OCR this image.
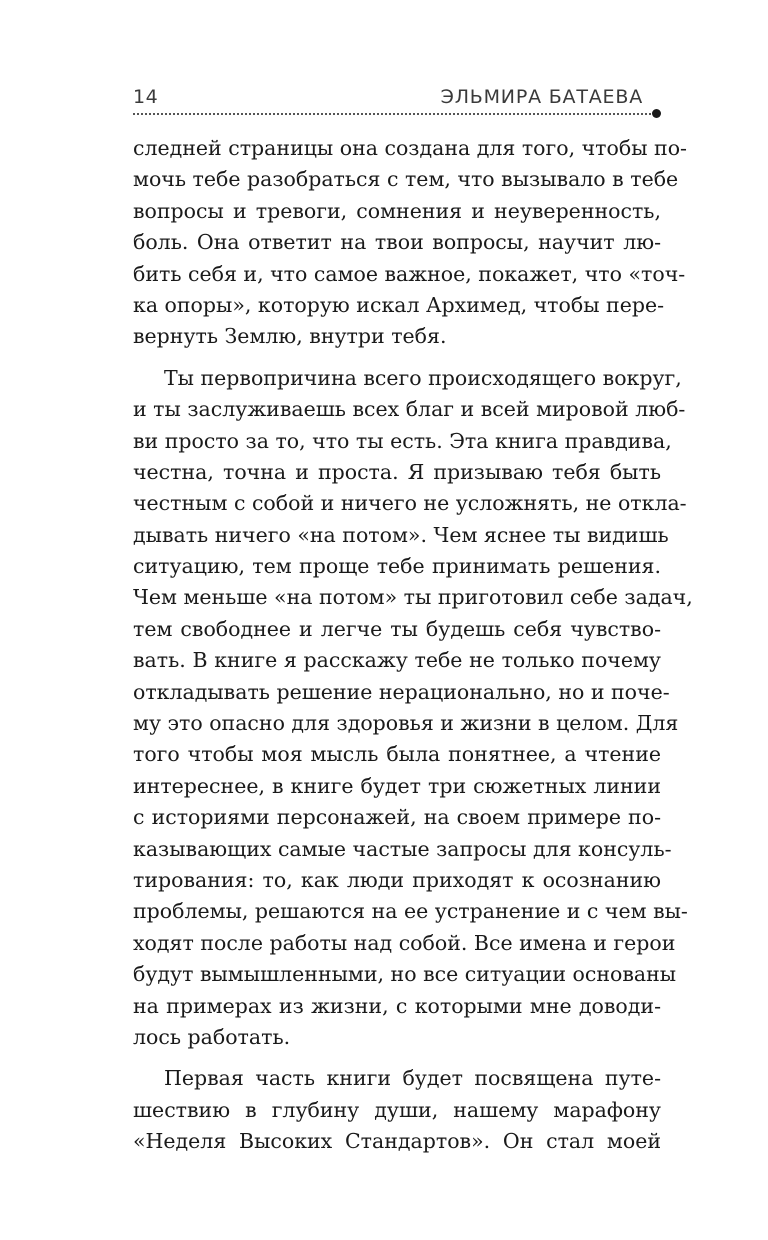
14	ЭЛЬМИРА БАТАЕВА
следней страницы она создана для того, чтобы по-
мочь тебе разобраться с тем, что вызывало в тебе
вопросы и тревоги, сомнения и неуверенность,
боль. Она ответит на твои вопросы, научит лю-
бить себя и, что самое важное, покажет, что «точ-
ка опоры», которую искал Архимед, чтобы пере-
вернуть Землю, внутри тебя.
Ты первопричина всего происходящего вокруг,
и ты заслуживаешь всех благ и всей мировой люб-
ви просто за то, что ты есть. Эта книга правдива,
честна, точна и проста. Я призываю тебя быть
честным с собой и ничего не усложнять, не откла-
дывать ничего «на потом». Чем яснее ты видишь
ситуацию, тем проще тебе принимать решения.
Чем меньше «на потом» ты приготовил себе задач,
тем свободнее и легче ты будешь себя чувство-
вать. В книге я расскажу тебе не только почему
откладывать решение нерационально, но и поче-
му это опасно для здоровья и жизни в целом. Для
того чтобы моя мысль была понятнее, а чтение
интереснее, в книге будет три сюжетных линии
с историями персонажей, на своем примере по-
казывающих самые частые запросы для консуль-
тирования: то, как люди приходят к осознанию
проблемы, решаются на ее устранение и с чем вы-
ходят после работы над собой. Все имена и герои
будут вымышленными, но все ситуации основаны
на примерах из жизни, с которыми мне доводи-
лось работать.
Первая часть книги будет посвящена путе-
шествию в глубину души, нашему марафону
«Неделя Высоких Стандартов». Он стал моей
